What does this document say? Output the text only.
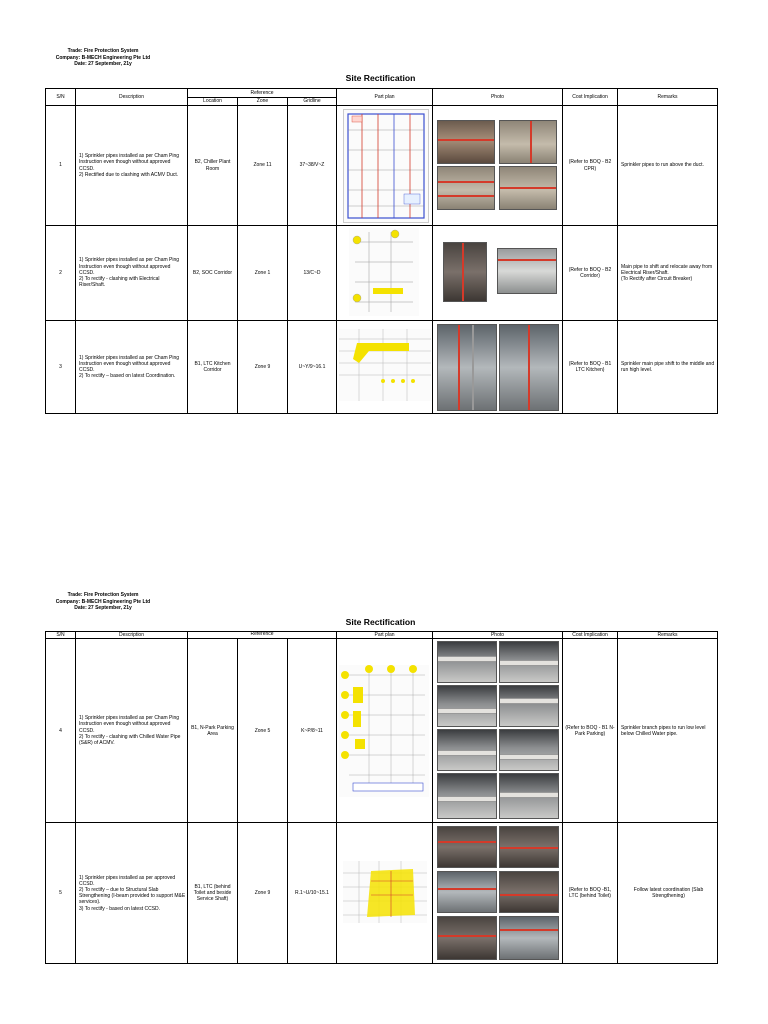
Trade: Fire Protection System
Company: B-MECH Engineering Pte Ltd
Date: 27 September, 21y
Site Rectification
S/N	Description	Reference			Part plan	Photo	Cost Implication	Remarks
		Location	Zone	Gridline				
1	1) Sprinkler pipes installed as per Cham Ping Instruction even though without approved CCSD.
2) Rectified due to clashing with ACMV Duct.	B2, Chiller Plant Room	Zone 11	37~38/V~Z			(Refer to BOQ - B2 CPR)	Sprinkler pipes to run above the duct.
2	1) Sprinkler pipes installed as per Cham Ping Instruction even though without approved CCSD.
2) To rectify - clashing with Electrical Riser/Shaft.	B2, SOC Corridor	Zone 1	13/C~D			(Refer to BOQ - B2 Corridor)	Main pipe to shift and relocate away from Electrical Riser/Shaft.
(To Rectify after Circuit Breaker)
3	1) Sprinkler pipes installed as per Cham Ping Instruction even though without approved CCSD.
2) To rectify – based on latest Coordination.	B1, LTC Kitchen Corridor	Zone 9	U~Y/9~16.1			(Refer to BOQ - B1 LTC Kitchen)	Sprinkler main pipe shift to the middle and run high level.
Trade: Fire Protection System
Company: B-MECH Engineering Pte Ltd
Date: 27 September, 21y
Site Rectification
S/N	Description	Reference			Part plan	Photo	Cost Implication	Remarks
4	1) Sprinkler pipes installed as per Cham Ping Instruction even though without approved CCSD.
2) To rectify - clashing with Chilled Water Pipe (S&R) of ACMV.	B1, N-Park Parking Area	Zone 5	K~P/8~11			(Refer to BOQ - B1 N-Park Parking)	Sprinkler branch pipes to run low level below Chilled Water pipe.
5	1) Sprinkler pipes installed as per approved CCSD.
2) To rectify – due to Structural Slab Strengthening (I-beam provided to support M&E services).
3) To rectify - based on latest CCSD.	B1, LTC (behind Toilet and beside Service Shaft)	Zone 9	R.1~U/10~15.1			(Refer to BOQ -B1, LTC (behind Toilet)	Follow latest coordination (Slab Strengthening)
